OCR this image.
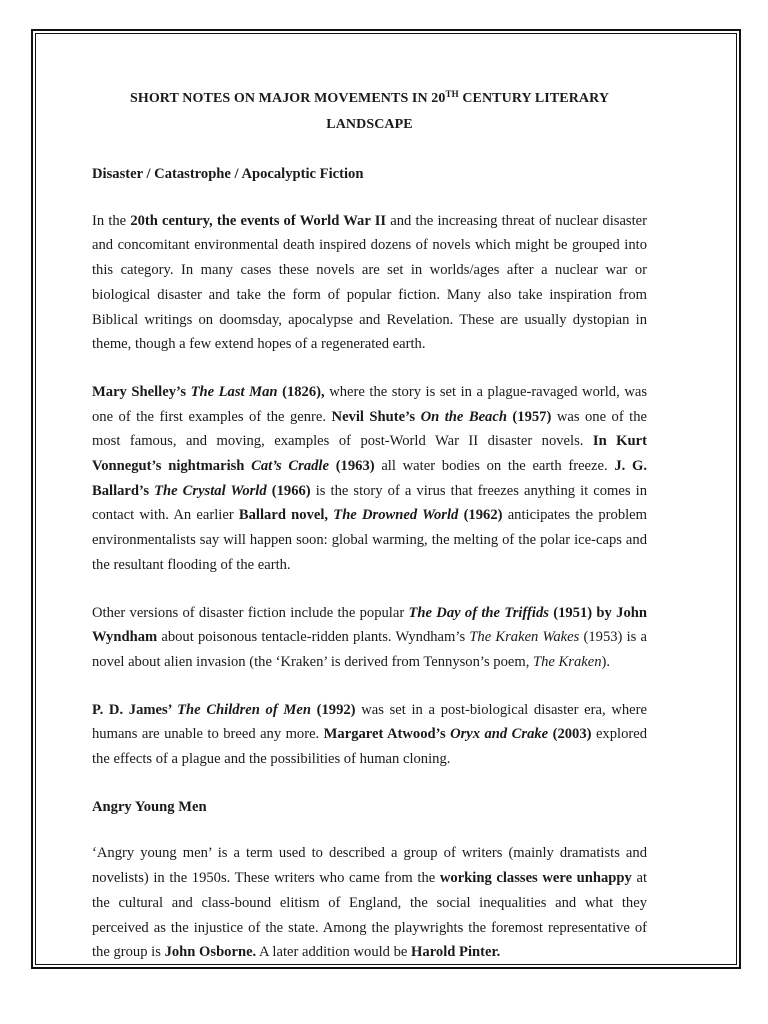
SHORT NOTES ON MAJOR MOVEMENTS IN 20TH CENTURY LITERARY
LANDSCAPE
Disaster / Catastrophe / Apocalyptic Fiction
In the 20th century, the events of World War II and the increasing threat of nuclear disaster and concomitant environmental death inspired dozens of novels which might be grouped into this category. In many cases these novels are set in worlds/ages after a nuclear war or biological disaster and take the form of popular fiction. Many also take inspiration from Biblical writings on doomsday, apocalypse and Revelation. These are usually dystopian in theme, though a few extend hopes of a regenerated earth.
Mary Shelley’s The Last Man (1826), where the story is set in a plague-ravaged world, was one of the first examples of the genre. Nevil Shute’s On the Beach (1957) was one of the most famous, and moving, examples of post-World War II disaster novels. In Kurt Vonnegut’s nightmarish Cat’s Cradle (1963) all water bodies on the earth freeze. J. G. Ballard’s The Crystal World (1966) is the story of a virus that freezes anything it comes in contact with. An earlier Ballard novel, The Drowned World (1962) anticipates the problem environmentalists say will happen soon: global warming, the melting of the polar ice-caps and the resultant flooding of the earth.
Other versions of disaster fiction include the popular The Day of the Triffids (1951) by John Wyndham about poisonous tentacle-ridden plants. Wyndham’s The Kraken Wakes (1953) is a novel about alien invasion (the ‘Kraken’ is derived from Tennyson’s poem, The Kraken).
P. D. James’ The Children of Men (1992) was set in a post-biological disaster era, where humans are unable to breed any more. Margaret Atwood’s Oryx and Crake (2003) explored the effects of a plague and the possibilities of human cloning.
Angry Young Men
‘Angry young men’ is a term used to described a group of writers (mainly dramatists and novelists) in the 1950s. These writers who came from the working classes were unhappy at the cultural and class-bound elitism of England, the social inequalities and what they perceived as the injustice of the state. Among the playwrights the foremost representative of the group is John Osborne. A later addition would be Harold Pinter.
